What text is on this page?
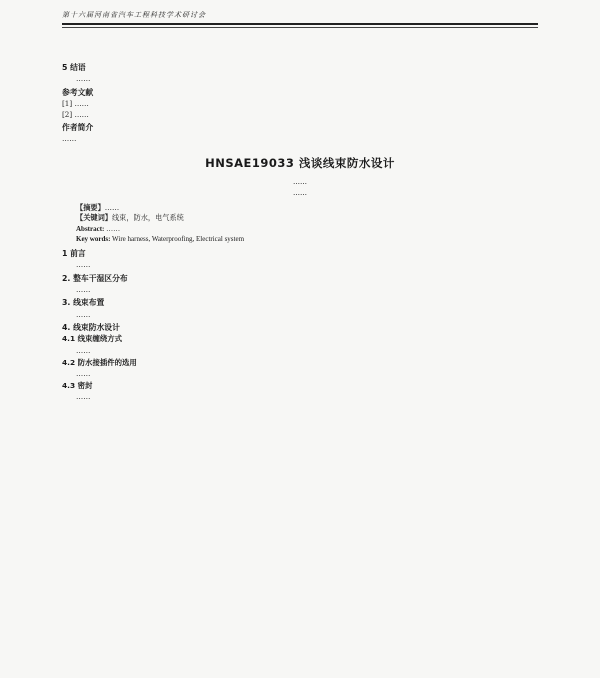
第十六届河南省汽车工程科技学术研讨会
5 结语

……

参考文献

[1] ……

[2] ……

作者简介

……

HNSAE19033 浅谈线束防水设计

……

……

【摘要】……

【关键词】线束，防水，电气系统

Abstract: ……

Key words: Wire harness, Waterproofing, Electrical system

1 前言

……

2. 整车干湿区分布

……

3. 线束布置

……

4. 线束防水设计
4.1 线束缠绕方式

……

4.2 防水接插件的选用

……

4.3 密封

……
